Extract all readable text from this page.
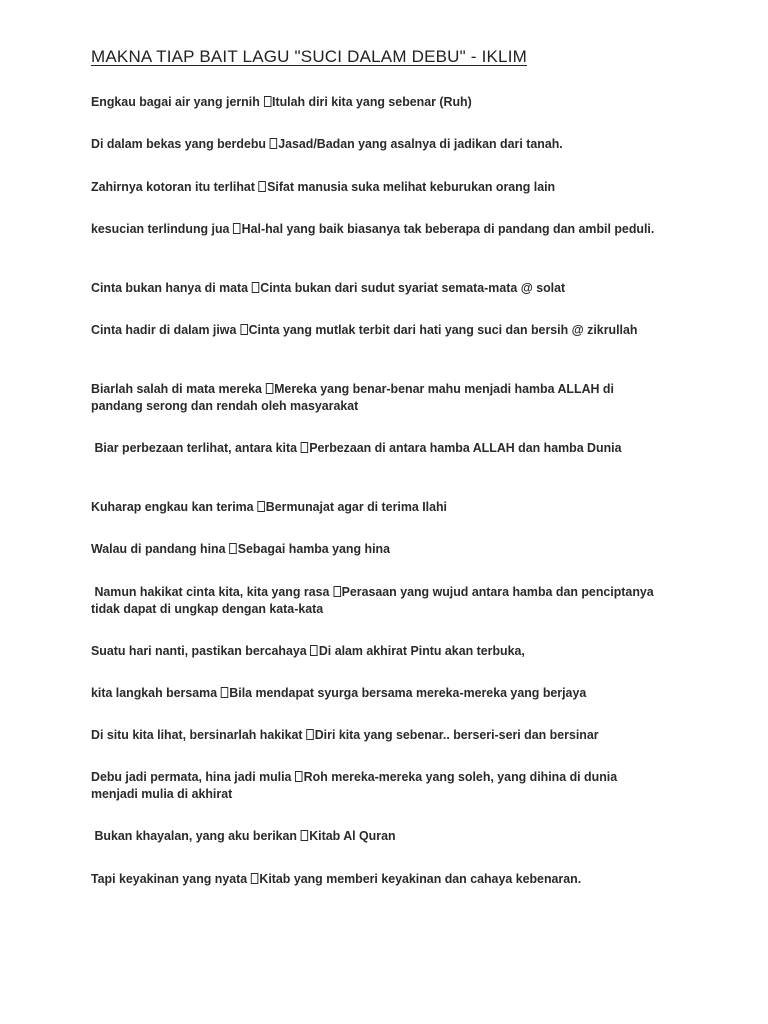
MAKNA TIAP BAIT LAGU "SUCI DALAM DEBU" - IKLIM
Engkau bagai air yang jernih Itulah diri kita yang sebenar (Ruh)
Di dalam bekas yang berdebu Jasad/Badan yang asalnya di jadikan dari tanah.
Zahirnya kotoran itu terlihat Sifat manusia suka melihat keburukan orang lain
kesucian terlindung jua Hal-hal yang baik biasanya tak beberapa di pandang dan ambil peduli.
Cinta bukan hanya di mata Cinta bukan dari sudut syariat semata-mata @ solat
Cinta hadir di dalam jiwa Cinta yang mutlak terbit dari hati yang suci dan bersih @ zikrullah
Biarlah salah di mata mereka Mereka yang benar-benar mahu menjadi hamba ALLAH di pandang serong dan rendah oleh masyarakat
Biar perbezaan terlihat, antara kita Perbezaan di antara hamba ALLAH dan hamba Dunia
Kuharap engkau kan terima Bermunajat agar di terima Ilahi
Walau di pandang hina Sebagai hamba yang hina
Namun hakikat cinta kita, kita yang rasa Perasaan yang wujud antara hamba dan penciptanya tidak dapat di ungkap dengan kata-kata
Suatu hari nanti, pastikan bercahaya Di alam akhirat Pintu akan terbuka,
kita langkah bersama Bila mendapat syurga bersama mereka-mereka yang berjaya
Di situ kita lihat, bersinarlah hakikat Diri kita yang sebenar.. berseri-seri dan bersinar
Debu jadi permata, hina jadi mulia Roh mereka-mereka yang soleh, yang dihina di dunia menjadi mulia di akhirat
Bukan khayalan, yang aku berikan Kitab Al Quran
Tapi keyakinan yang nyata Kitab yang memberi keyakinan dan cahaya kebenaran.
